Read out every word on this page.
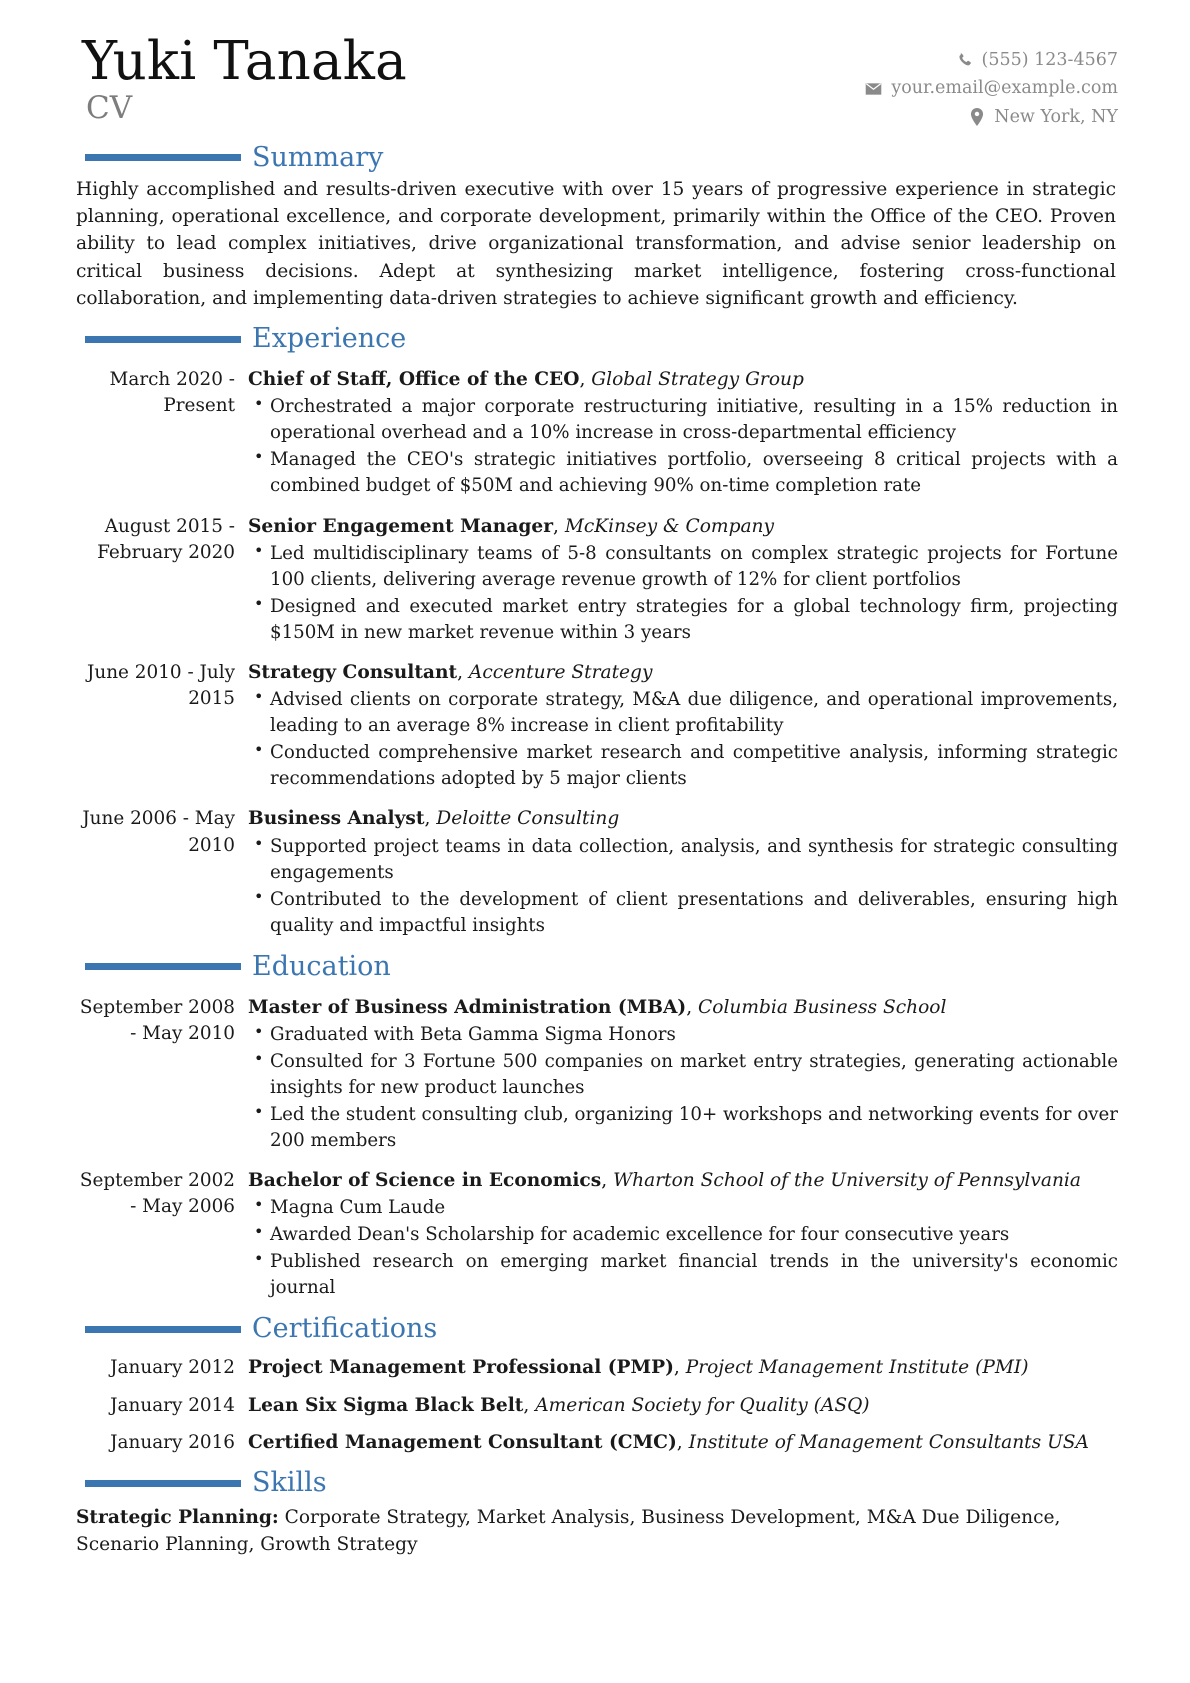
Yuki Tanaka
CV
(555) 123-4567
your.email@example.com
New York, NY
Summary

Highly accomplished and results-driven executive with over 15 years of progressive experience in strategic planning, operational excellence, and corporate development, primarily within the Office of the CEO. Proven ability to lead complex initiatives, drive organizational transformation, and advise senior leadership on critical business decisions. Adept at synthesizing market intelligence, fostering cross-functional collaboration, and implementing data-driven strategies to achieve significant growth and efficiency.

Experience
March 2020 - Present
Chief of Staff, Office of the CEO, Global Strategy Group
• Orchestrated a major corporate restructuring initiative, resulting in a 15% reduction in operational overhead and a 10% increase in cross-departmental efficiency
• Managed the CEO's strategic initiatives portfolio, overseeing 8 critical projects with a combined budget of $50M and achieving 90% on-time completion rate
August 2015 - February 2020
Senior Engagement Manager, McKinsey & Company
• Led multidisciplinary teams of 5-8 consultants on complex strategic projects for Fortune 100 clients, delivering average revenue growth of 12% for client portfolios
• Designed and executed market entry strategies for a global technology firm, projecting $150M in new market revenue within 3 years
June 2010 - July 2015
Strategy Consultant, Accenture Strategy
• Advised clients on corporate strategy, M&A due diligence, and operational improvements, leading to an average 8% increase in client profitability
• Conducted comprehensive market research and competitive analysis, informing strategic recommendations adopted by 5 major clients
June 2006 - May 2010
Business Analyst, Deloitte Consulting
• Supported project teams in data collection, analysis, and synthesis for strategic consulting engagements
• Contributed to the development of client presentations and deliverables, ensuring high quality and impactful insights
Education
September 2008 - May 2010
Master of Business Administration (MBA), Columbia Business School
• Graduated with Beta Gamma Sigma Honors
• Consulted for 3 Fortune 500 companies on market entry strategies, generating actionable insights for new product launches
• Led the student consulting club, organizing 10+ workshops and networking events for over 200 members
September 2002 - May 2006
Bachelor of Science in Economics, Wharton School of the University of Pennsylvania
• Magna Cum Laude
• Awarded Dean's Scholarship for academic excellence for four consecutive years
• Published research on emerging market financial trends in the university's economic journal
Certifications
January 2012 Project Management Professional (PMP), Project Management Institute (PMI)
January 2014 Lean Six Sigma Black Belt, American Society for Quality (ASQ)
January 2016 Certified Management Consultant (CMC), Institute of Management Consultants USA
Skills
Strategic Planning: Corporate Strategy, Market Analysis, Business Development, M&A Due Diligence, Scenario Planning, Growth Strategy
